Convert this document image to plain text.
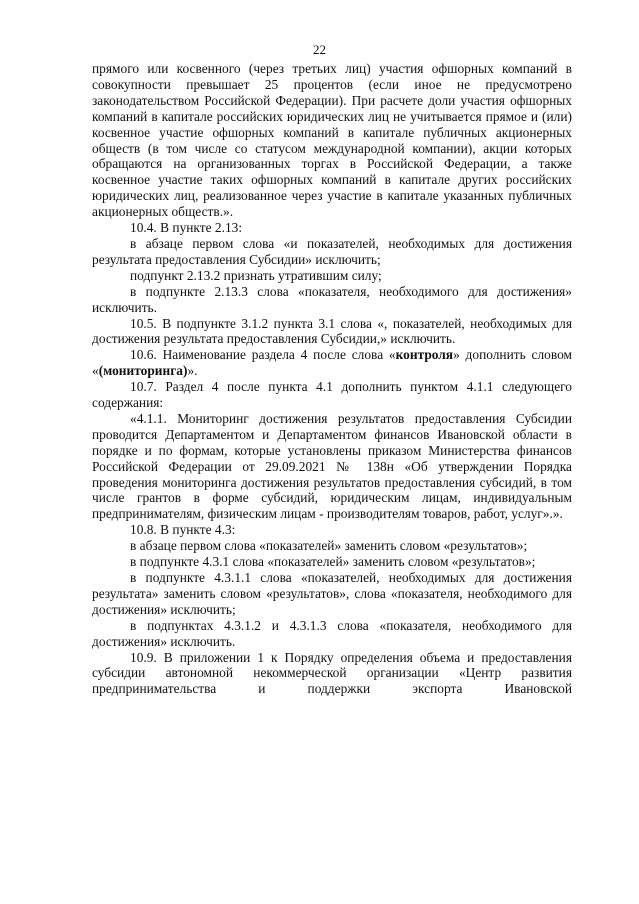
22

прямого или косвенного (через третьих лиц) участия офшорных компаний в совокупности превышает 25 процентов (если иное не предусмотрено законодательством Российской Федерации). При расчете доли участия офшорных компаний в капитале российских юридических лиц не учитывается прямое и (или) косвенное участие офшорных компаний в капитале публичных акционерных обществ (в том числе со статусом международной компании), акции которых обращаются на организованных торгах в Российской Федерации, а также косвенное участие таких офшорных компаний в капитале других российских юридических лиц, реализованное через участие в капитале указанных публичных акционерных обществ.».

10.4. В пункте 2.13:

в абзаце первом слова «и показателей, необходимых для достижения результата предоставления Субсидии» исключить;

подпункт 2.13.2 признать утратившим силу;

в подпункте 2.13.3 слова «показателя, необходимого для достижения» исключить.

10.5. В подпункте 3.1.2 пункта 3.1 слова «, показателей, необходимых для достижения результата предоставления Субсидии,» исключить.

10.6. Наименование раздела 4 после слова «контроля» дополнить словом «(мониторинга)».

10.7. Раздел 4 после пункта 4.1 дополнить пунктом 4.1.1 следующего содержания:

«4.1.1. Мониторинг достижения результатов предоставления Субсидии проводится Департаментом и Департаментом финансов Ивановской области в порядке и по формам, которые установлены приказом Министерства финансов Российской Федерации от 29.09.2021 № 138н «Об утверждении Порядка проведения мониторинга достижения результатов предоставления субсидий, в том числе грантов в форме субсидий, юридическим лицам, индивидуальным предпринимателям, физическим лицам - производителям товаров, работ, услуг».».

10.8. В пункте 4.3:

в абзаце первом слова «показателей» заменить словом «результатов»;

в подпункте 4.3.1 слова «показателей» заменить словом «результатов»;

в подпункте 4.3.1.1 слова «показателей, необходимых для достижения результата» заменить словом «результатов», слова «показателя, необходимого для достижения» исключить;

в подпунктах 4.3.1.2 и 4.3.1.3 слова «показателя, необходимого для достижения» исключить.

10.9. В приложении 1 к Порядку определения объема и предоставления субсидии автономной некоммерческой организации «Центр развития предпринимательства и поддержки экспорта Ивановской
